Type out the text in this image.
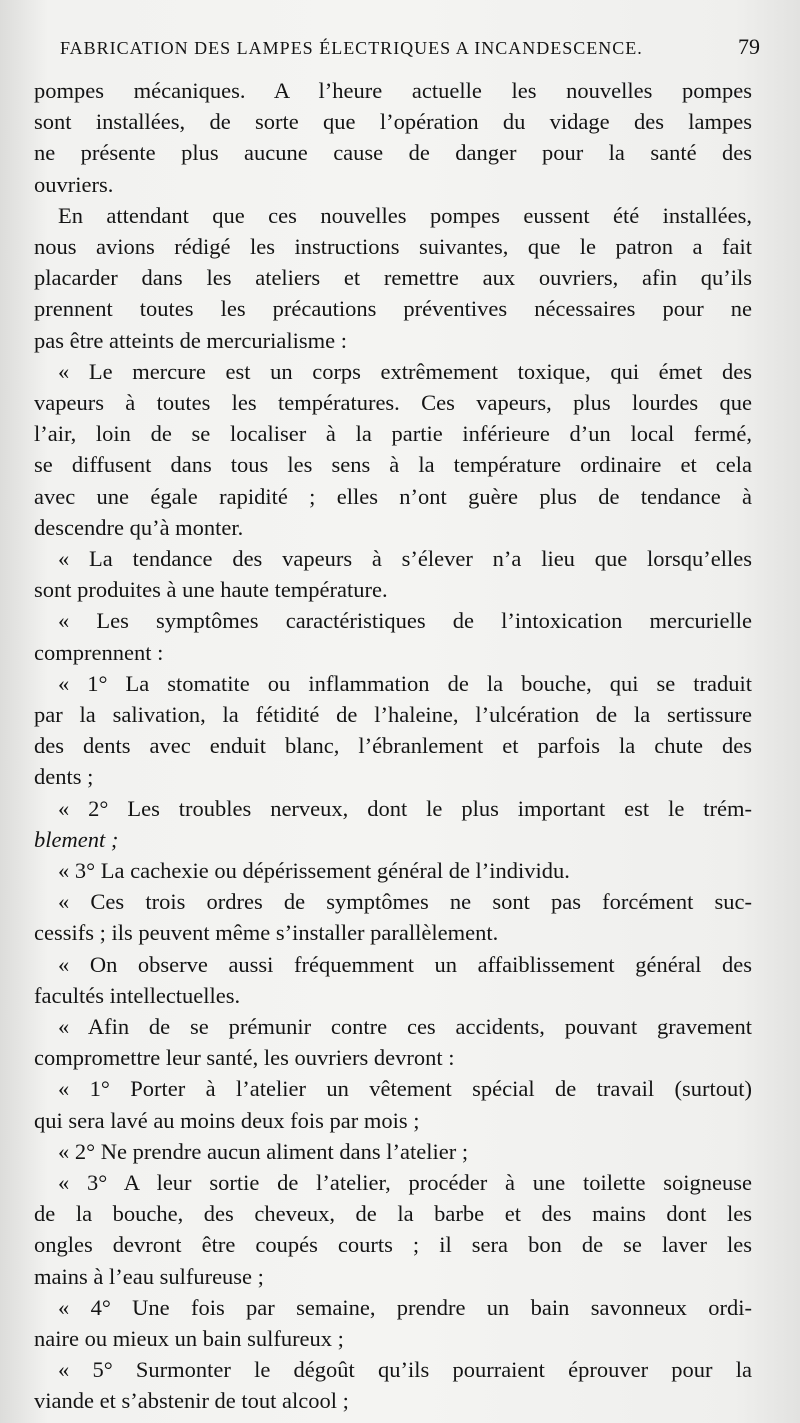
FABRICATION DES LAMPES ÉLECTRIQUES A INCANDESCENCE.	79
pompes mécaniques. A l’heure actuelle les nouvelles pompes
sont installées, de sorte que l’opération du vidage des lampes
ne présente plus aucune cause de danger pour la santé des
ouvriers.
En attendant que ces nouvelles pompes eussent été installées,
nous avions rédigé les instructions suivantes, que le patron a fait
placarder dans les ateliers et remettre aux ouvriers, afin qu’ils
prennent toutes les précautions préventives nécessaires pour ne
pas être atteints de mercurialisme :
« Le mercure est un corps extrêmement toxique, qui émet des
vapeurs à toutes les températures. Ces vapeurs, plus lourdes que
l’air, loin de se localiser à la partie inférieure d’un local fermé,
se diffusent dans tous les sens à la température ordinaire et cela
avec une égale rapidité ; elles n’ont guère plus de tendance à
descendre qu’à monter.
« La tendance des vapeurs à s’élever n’a lieu que lorsqu’elles
sont produites à une haute température.
« Les symptômes caractéristiques de l’intoxication mercurielle
comprennent :
« 1° La stomatite ou inflammation de la bouche, qui se traduit
par la salivation, la fétidité de l’haleine, l’ulcération de la sertissure
des dents avec enduit blanc, l’ébranlement et parfois la chute des
dents ;
« 2° Les troubles nerveux, dont le plus important est le trém-
blement ;
« 3° La cachexie ou dépérissement général de l’individu.
« Ces trois ordres de symptômes ne sont pas forcément suc-
cessifs ; ils peuvent même s’installer parallèlement.
« On observe aussi fréquemment un affaiblissement général des
facultés intellectuelles.
« Afin de se prémunir contre ces accidents, pouvant gravement
compromettre leur santé, les ouvriers devront :
« 1° Porter à l’atelier un vêtement spécial de travail (surtout)
qui sera lavé au moins deux fois par mois ;
« 2° Ne prendre aucun aliment dans l’atelier ;
« 3° A leur sortie de l’atelier, procéder à une toilette soigneuse
de la bouche, des cheveux, de la barbe et des mains dont les
ongles devront être coupés courts ; il sera bon de se laver les
mains à l’eau sulfureuse ;
« 4° Une fois par semaine, prendre un bain savonneux ordi-
naire ou mieux un bain sulfureux ;
« 5° Surmonter le dégoût qu’ils pourraient éprouver pour la
viande et s’abstenir de tout alcool ;
